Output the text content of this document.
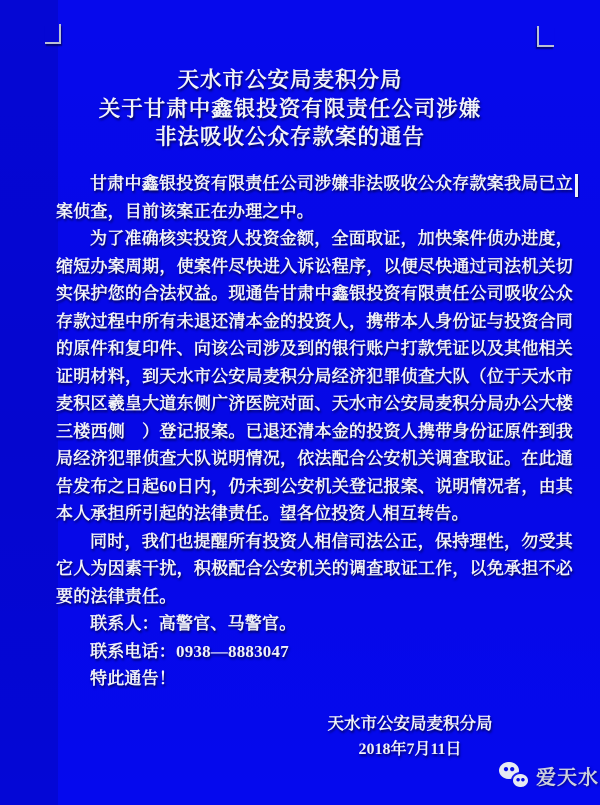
天水市公安局麦积分局
关于甘肃中鑫银投资有限责任公司涉嫌
非法吸收公众存款案的通告

甘肃中鑫银投资有限责任公司涉嫌非法吸收公众存款案我局已立案侦查，目前该案正在办理之中。

为了准确核实投资人投资金额，全面取证，加快案件侦办进度，缩短办案周期，使案件尽快进入诉讼程序，以便尽快通过司法机关切实保护您的合法权益。现通告甘肃中鑫银投资有限责任公司吸收公众存款过程中所有未退还清本金的投资人，携带本人身份证与投资合同的原件和复印件、向该公司涉及到的银行账户打款凭证以及其他相关证明材料，到天水市公安局麦积分局经济犯罪侦查大队（位于天水市麦积区羲皇大道东侧广济医院对面、天水市公安局麦积分局办公大楼三楼西侧　）登记报案。已退还清本金的投资人携带身份证原件到我局经济犯罪侦查大队说明情况，依法配合公安机关调查取证。在此通告发布之日起60日内，仍未到公安机关登记报案、说明情况者，由其本人承担所引起的法律责任。望各位投资人相互转告。

同时，我们也提醒所有投资人相信司法公正，保持理性，勿受其它人为因素干扰，积极配合公安机关的调查取证工作，以免承担不必要的法律责任。

联系人：高警官、马警官。

联系电话：0938—8883047

特此通告！

天水市公安局麦积分局
2018年7月11日
爱天水
